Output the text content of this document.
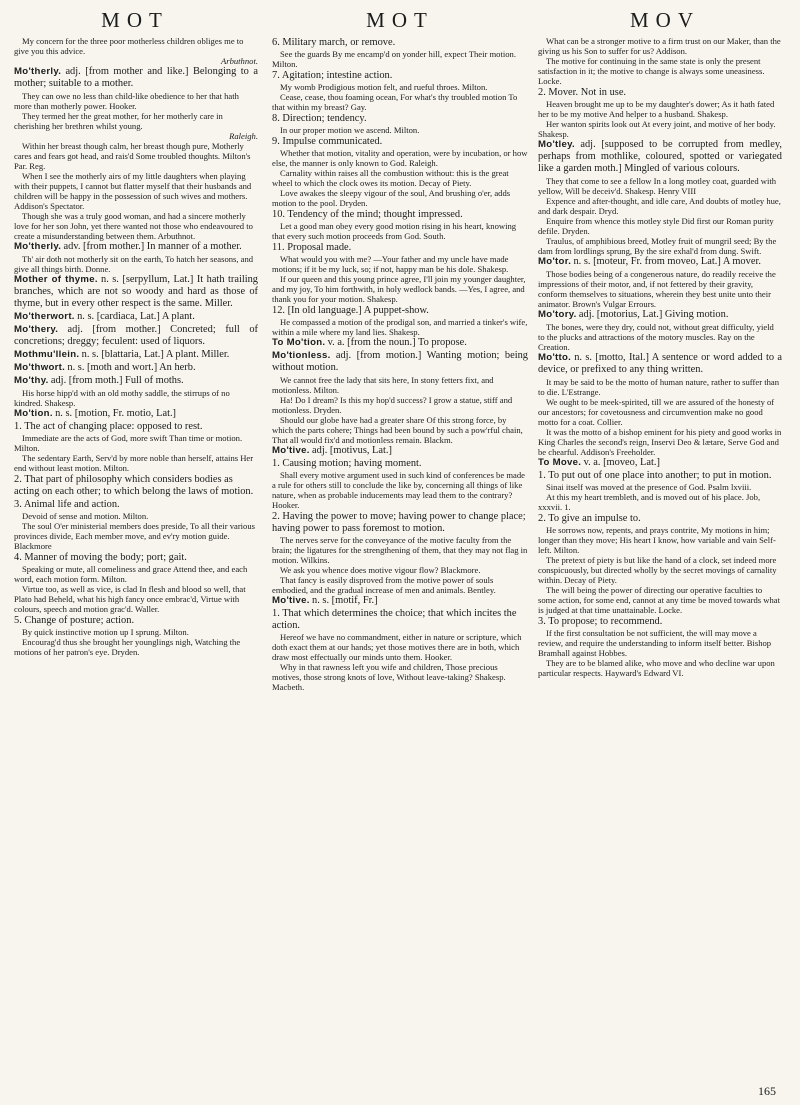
MOT	MOT	MOV
My concern for the three poor motherless children obliges me to give you this advice.
Arbuthnot.
Mo'therly. adj. [from mother and like.] Belonging to a mother; suitable to a mother.
They can owe no less than child-like obedience to her that hath more than motherly power. Hooker.
They termed her the great mother, for her motherly care in cherishing her brethren whilst young.
Raleigh.
Within her breast though calm, her breast though pure, Motherly cares and fears got head, and rais'd Some troubled thoughts. Milton's Par. Reg.
When I see the motherly airs of my little daughters when playing with their puppets, I cannot but flatter myself that their husbands and children will be happy in the possession of such wives and mothers. Addison's Spectator.
Though she was a truly good woman, and had a sincere motherly love for her son John, yet there wanted not those who endeavoured to create a misunderstanding between them. Arbuthnot.
Mo'therly. adv. [from mother.] In manner of a mother.
Th' air doth not motherly sit on the earth, To hatch her seasons, and give all things birth. Donne.
Mother of thyme. n. s. [serpyllum, Lat.] It hath trailing branches, which are not so woody and hard as those of thyme, but in every other respect is the same. Miller.
Mo'therwort. n. s. [cardiaca, Lat.] A plant.
Mo'thery. adj. [from mother.] Concreted; full of concretions; dreggy; feculent: used of liquors.
Mothmu'llein. n. s. [blattaria, Lat.] A plant. Miller.
Mo'thwort. n. s. [moth and wort.] An herb.
Mo'thy. adj. [from moth.] Full of moths.
His horse hipp'd with an old mothy saddle, the stirrups of no kindred. Shakesp.
Mo'tion. n. s. [motion, Fr. motio, Lat.]
1. The act of changing place: opposed to rest.
Immediate are the acts of God, more swift Than time or motion. Milton.
The sedentary Earth, Serv'd by more noble than herself, attains Her end without least motion. Milton.
2. That part of philosophy which considers bodies as acting on each other; to which belong the laws of motion.
3. Animal life and action.
Devoid of sense and motion. Milton.
The soul O'er ministerial members does preside, To all their various provinces divide, Each member move, and ev'ry motion guide. Blackmore
4. Manner of moving the body; port; gait.
Speaking or mute, all comeliness and grace Attend thee, and each word, each motion form. Milton.
Virtue too, as well as vice, is clad In flesh and blood so well, that Plato had Beheld, what his high fancy once embrac'd, Virtue with colours, speech and motion grac'd. Waller.
5. Change of posture; action.
By quick instinctive motion up I sprung. Milton.
Encourag'd thus she brought her younglings nigh, Watching the motions of her patron's eye. Dryden.
6. Military march, or remove.
See the guards By me encamp'd on yonder hill, expect Their motion. Milton.
7. Agitation; intestine action.
My womb Prodigious motion felt, and rueful throes. Milton.
Cease, cease, thou foaming ocean, For what's thy troubled motion To that within my breast? Gay.
8. Direction; tendency.
In our proper motion we ascend. Milton.
9. Impulse communicated.
Whether that motion, vitality and operation, were by incubation, or how else, the manner is only known to God. Raleigh.
Carnality within raises all the combustion without: this is the great wheel to which the clock owes its motion. Decay of Piety.
Love awakes the sleepy vigour of the soul, And brushing o'er, adds motion to the pool. Dryden.
10. Tendency of the mind; thought impressed.
Let a good man obey every good motion rising in his heart, knowing that every such motion proceeds from God. South.
11. Proposal made.
What would you with me? —Your father and my uncle have made motions; if it be my luck, so; if not, happy man be his dole. Shakesp.
If our queen and this young prince agree, I'll join my younger daughter, and my joy, To him forthwith, in holy wedlock bands. —Yes, I agree, and thank you for your motion. Shakesp.
12. [In old language.] A puppet-show.
He compassed a motion of the prodigal son, and married a tinker's wife, within a mile where my land lies. Shakesp.
To Mo'tion. v. a. [from the noun.] To propose.
Mo'tionless. adj. [from motion.] Wanting motion; being without motion.
We cannot free the lady that sits here, In stony fetters fixt, and motionless. Milton.
Ha! Do I dream? Is this my hop'd success? I grow a statue, stiff and motionless. Dryden.
Should our globe have had a greater share Of this strong force, by which the parts cohere; Things had been bound by such a pow'rful chain, That all would fix'd and motionless remain. Blackm.
Mo'tive. adj. [motivus, Lat.]
1. Causing motion; having moment.
Shall every motive argument used in such kind of conferences be made a rule for others still to conclude the like by, concerning all things of like nature, when as probable inducements may lead them to the contrary? Hooker.
2. Having the power to move; having power to change place; having power to pass foremost to motion.
The nerves serve for the conveyance of the motive faculty from the brain; the ligatures for the strengthening of them, that they may not flag in motion. Wilkins.
We ask you whence does motive vigour flow? Blackmore.
That fancy is easily disproved from the motive power of souls embodied, and the gradual increase of men and animals. Bentley.
Mo'tive. n. s. [motif, Fr.]
1. That which determines the choice; that which incites the action.
Hereof we have no commandment, either in nature or scripture, which doth exact them at our hands; yet those motives there are in both, which draw most effectually our minds unto them. Hooker.
Why in that rawness left you wife and children, Those precious motives, those strong knots of love, Without leave-taking? Shakesp. Macbeth.
What can be a stronger motive to a firm trust on our Maker, than the giving us his Son to suffer for us? Addison.
The motive for continuing in the same state is only the present satisfaction in it; the motive to change is always some uneasiness. Locke.
2. Mover. Not in use.
Heaven brought me up to be my daughter's dower; As it hath fated her to be my motive And helper to a husband. Shakesp.
Her wanton spirits look out At every joint, and motive of her body. Shakesp.
Mo'tley. adj. [supposed to be corrupted from medley, perhaps from mothlike, coloured, spotted or variegated like a garden moth.] Mingled of various colours.
They that come to see a fellow In a long motley coat, guarded with yellow, Will be deceiv'd. Shakesp. Henry VIII
Expence and after-thought, and idle care, And doubts of motley hue, and dark despair. Dryd.
Enquire from whence this motley style Did first our Roman purity defile. Dryden.
Traulus, of amphibious breed, Motley fruit of mungril seed; By the dam from lordlings sprung, By the sire exhal'd from dung. Swift.
Mo'tor. n. s. [moteur, Fr. from moveo, Lat.] A mover.
Those bodies being of a congenerous nature, do readily receive the impressions of their motor, and, if not fettered by their gravity, conform themselves to situations, wherein they best unite unto their animator. Brown's Vulgar Errours.
Mo'tory. adj. [motorius, Lat.] Giving motion.
The bones, were they dry, could not, without great difficulty, yield to the plucks and attractions of the motory muscles. Ray on the Creation.
Mo'tto. n. s. [motto, Ital.] A sentence or word added to a device, or prefixed to any thing written.
It may be said to be the motto of human nature, rather to suffer than to die. L'Estrange.
We ought to be meek-spirited, till we are assured of the honesty of our ancestors; for covetousness and circumvention make no good motto for a coat. Collier.
It was the motto of a bishop eminent for his piety and good works in King Charles the second's reign, Inservi Deo & lætare, Serve God and be chearful. Addison's Freeholder.
To Move. v. a. [moveo, Lat.]
1. To put out of one place into another; to put in motion.
Sinai itself was moved at the presence of God. Psalm lxviii.
At this my heart trembleth, and is moved out of his place. Job, xxxvii. 1.
2. To give an impulse to.
He sorrows now, repents, and prays contrite, My motions in him; longer than they move; His heart I know, how variable and vain Self-left. Milton.
The pretext of piety is but like the hand of a clock, set indeed more conspicuously, but directed wholly by the secret movings of carnality within. Decay of Piety.
The will being the power of directing our operative faculties to some action, for some end, cannot at any time be moved towards what is judged at that time unattainable. Locke.
3. To propose; to recommend.
If the first consultation be not sufficient, the will may move a review, and require the understanding to inform itself better. Bishop Bramhall against Hobbes.
They are to be blamed alike, who move and who decline war upon particular respects. Hayward's Edward VI.
165
